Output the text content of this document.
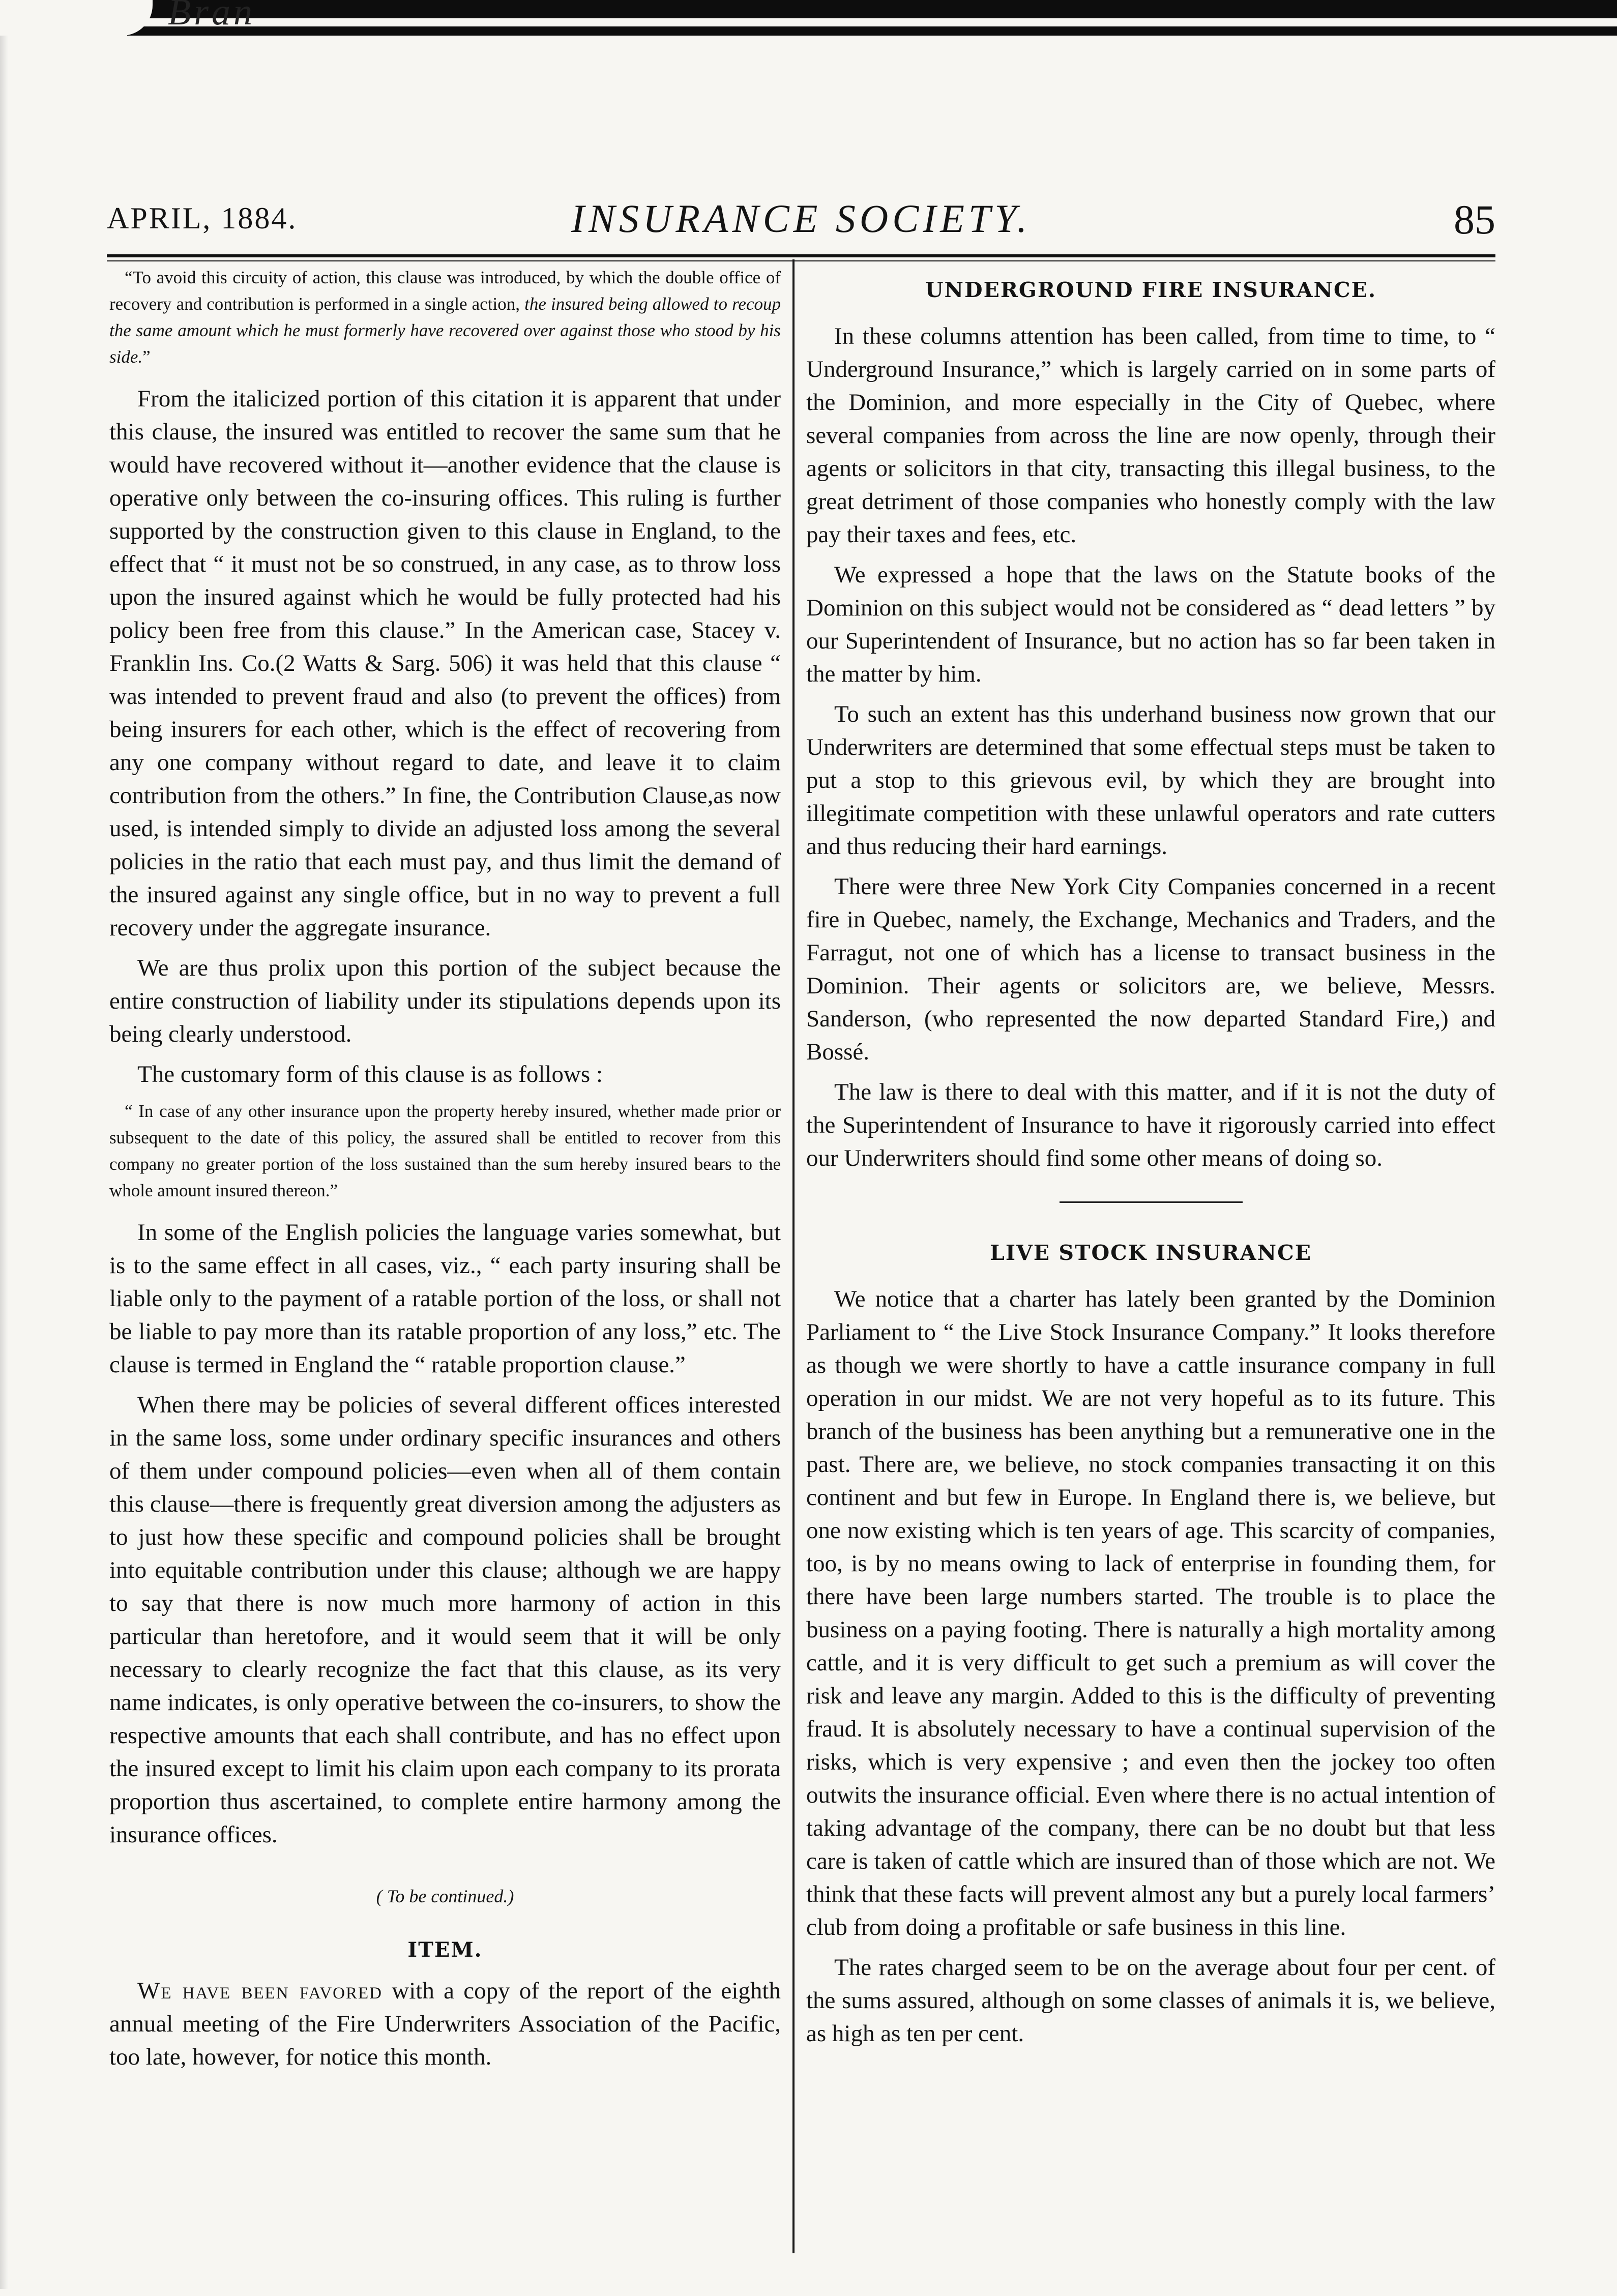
Bran
APRIL, 1884.	INSURANCE SOCIETY.	85

“To avoid this circuity of action, this clause was introduced, by which the double office of recovery and contribution is performed in a single action, the insured being allowed to recoup the same amount which he must formerly have recovered over against those who stood by his side.”

From the italicized portion of this citation it is apparent that under this clause, the insured was entitled to recover the same sum that he would have recovered without it—another evidence that the clause is operative only between the co-insuring offices. This ruling is further supported by the construction given to this clause in England, to the effect that “ it must not be so construed, in any case, as to throw loss upon the insured against which he would be fully protected had his policy been free from this clause.” In the American case, Stacey v. Franklin Ins. Co.(2 Watts & Sarg. 506) it was held that this clause “ was intended to prevent fraud and also (to prevent the offices) from being insurers for each other, which is the effect of recovering from any one company without regard to date, and leave it to claim contribution from the others.” In fine, the Contribution Clause,as now used, is intended simply to divide an adjusted loss among the several policies in the ratio that each must pay, and thus limit the demand of the insured against any single office, but in no way to prevent a full recovery under the aggregate insurance.

We are thus prolix upon this portion of the subject because the entire construction of liability under its stipulations depends upon its being clearly understood.

The customary form of this clause is as follows :

“ In case of any other insurance upon the property hereby insured, whether made prior or subsequent to the date of this policy, the assured shall be entitled to recover from this company no greater portion of the loss sustained than the sum hereby insured bears to the whole amount insured thereon.”

In some of the English policies the language varies somewhat, but is to the same effect in all cases, viz., “ each party insuring shall be liable only to the payment of a ratable portion of the loss, or shall not be liable to pay more than its ratable proportion of any loss,” etc. The clause is termed in England the “ ratable proportion clause.”

When there may be policies of several different offices interested in the same loss, some under ordinary specific insurances and others of them under compound policies—even when all of them contain this clause—there is frequently great diversion among the adjusters as to just how these specific and compound policies shall be brought into equitable contribution under this clause; although we are happy to say that there is now much more harmony of action in this particular than heretofore, and it would seem that it will be only necessary to clearly recognize the fact that this clause, as its very name indicates, is only operative between the co-insurers, to show the respective amounts that each shall contribute, and has no effect upon the insured except to limit his claim upon each company to its prorata proportion thus ascertained, to complete entire harmony among the insurance offices.

( To be continued.)
ITEM.

We have been favored with a copy of the report of the eighth annual meeting of the Fire Underwriters Association of the Pacific, too late, however, for notice this month.

UNDERGROUND FIRE INSURANCE.

In these columns attention has been called, from time to time, to “ Underground Insurance,” which is largely carried on in some parts of the Dominion, and more especially in the City of Quebec, where several companies from across the line are now openly, through their agents or solicitors in that city, transacting this illegal business, to the great detriment of those companies who honestly comply with the law pay their taxes and fees, etc.

We expressed a hope that the laws on the Statute books of the Dominion on this subject would not be considered as “ dead letters ” by our Superintendent of Insurance, but no action has so far been taken in the matter by him.

To such an extent has this underhand business now grown that our Underwriters are determined that some effectual steps must be taken to put a stop to this grievous evil, by which they are brought into illegitimate competition with these unlawful operators and rate cutters and thus reducing their hard earnings.

There were three New York City Companies concerned in a recent fire in Quebec, namely, the Exchange, Mechanics and Traders, and the Farragut, not one of which has a license to transact business in the Dominion. Their agents or solicitors are, we believe, Messrs. Sanderson, (who represented the now departed Standard Fire,) and Bossé.

The law is there to deal with this matter, and if it is not the duty of the Superintendent of Insurance to have it rigorously carried into effect our Underwriters should find some other means of doing so.

LIVE STOCK INSURANCE

We notice that a charter has lately been granted by the Dominion Parliament to “ the Live Stock Insurance Company.” It looks therefore as though we were shortly to have a cattle insurance company in full operation in our midst. We are not very hopeful as to its future. This branch of the business has been anything but a remunerative one in the past. There are, we believe, no stock companies transacting it on this continent and but few in Europe. In England there is, we believe, but one now existing which is ten years of age. This scarcity of companies, too, is by no means owing to lack of enterprise in founding them, for there have been large numbers started. The trouble is to place the business on a paying footing. There is naturally a high mortality among cattle, and it is very difficult to get such a premium as will cover the risk and leave any margin. Added to this is the difficulty of preventing fraud. It is absolutely necessary to have a continual supervision of the risks, which is very expensive ; and even then the jockey too often outwits the insurance official. Even where there is no actual intention of taking advantage of the company, there can be no doubt but that less care is taken of cattle which are insured than of those which are not. We think that these facts will prevent almost any but a purely local farmers’ club from doing a profitable or safe business in this line.

The rates charged seem to be on the average about four per cent. of the sums assured, although on some classes of animals it is, we believe, as high as ten per cent.
